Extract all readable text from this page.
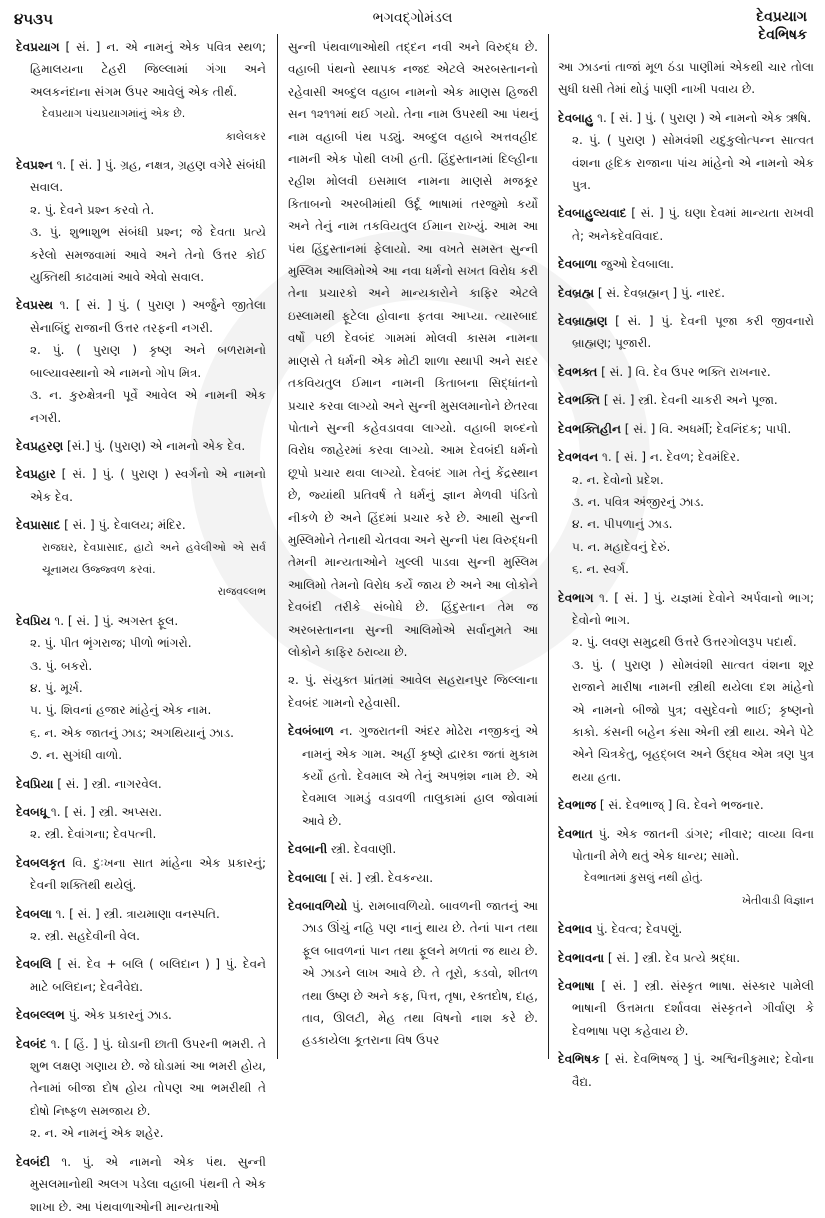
૪૫૩૫	ભગવદ્ગોમંડલ	દેવપ્રયાગ
દેવભિષક
દેવપ્રયાગ [ સં. ] ન. એ નામનું એક પવિત્ર સ્થળ; હિમાલયના ટેહરી જિલ્લામાં ગંગા અને અલકનંદાના સંગમ ઉપર આવેલું એક તીર્થ.
દેવપ્રયાગ પંચપ્રયાગમાંનું એક છે.
કાલેલકર
દેવપ્રશ્ન ૧. [ સં. ] પું. ગ્રહ, નક્ષત્ર, ગ્રહણ વગેરે સંબંધી સવાલ.
૨. પું. દેવને પ્રશ્ન કરવો તે.
૩. પું. શુભાશુભ સંબંધી પ્રશ્ન; જે દેવતા પ્રત્યે કરેલો સમજવામાં આવે અને તેનો ઉત્તર કોઈ યુક્તિથી કાઢવામાં આવે એવો સવાલ.
દેવપ્રસ્થ ૧. [ સં. ] પું. ( પુરાણ ) અર્જુને જીતેલા સેનાબિંદુ રાજાની ઉત્તર તરફની નગરી.
૨. પું. ( પુરાણ ) કૃષ્ણ અને બળરામનો બાલ્યાવસ્થાનો એ નામનો ગોપ મિત્ર.
૩. ન. કુરુક્ષેત્રની પૂર્વે આવેલ એ નામની એક નગરી.
દેવપ્રહરણ [સં.] પું. (પુરાણ) એ નામનો એક દેવ.
દેવપ્રહાર [ સં. ] પું. ( પુરાણ ) સ્વર્ગનો એ નામનો એક દેવ.
દેવપ્રાસાદ [ સં. ] પું. દેવાલય; મંદિર.
રાજઘર, દેવપ્રાસાદ, હાટો અને હવેલીઓ એ સર્વ ચૂનામય ઉજ્જ્વળ કરવાં.
રાજવલ્લભ
દેવપ્રિય ૧. [ સં. ] પું. અગસ્ત ફૂલ.
૨. પું. પીત ભૃંગરાજ; પીળો ભાંગરો.
૩. પું. બકરો.
૪. પું. મૂર્ખ.
૫. પું. શિવનાં હજાર માંહેનું એક નામ.
૬. ન. એક જાતનું ઝાડ; અગથિયાનું ઝાડ.
૭. ન. સુગંધી વાળો.
દેવપ્રિયા [ સં. ] સ્ત્રી. નાગરવેલ.
દેવબધૂ ૧. [ સં. ] સ્ત્રી. અપ્સરા.
૨. સ્ત્રી. દેવાંગના; દેવપત્ની.
દેવબલકૃત વિ. દુઃખના સાત માંહેના એક પ્રકારનું; દેવની શક્તિથી થયેલું.
દેવબલા ૧. [ સં. ] સ્ત્રી. ત્રાયમાણા વનસ્પતિ.
૨. સ્ત્રી. સહદેવીની વેલ.
દેવબલિ [ સં. દેવ + બલિ ( બલિદાન ) ] પું. દેવને માટે બલિદાન; દેવનૈવેદ્ય.
દેવબલ્લભ પું. એક પ્રકારનું ઝાડ.
દેવબંદ ૧. [ હિં. ] પું. ઘોડાની છાતી ઉપરની ભમરી. તે શુભ લક્ષણ ગણાય છે. જે ઘોડામાં આ ભમરી હોય, તેનામાં બીજા દોષ હોય તોપણ આ ભમરીથી તે દોષો નિષ્ફળ સમજાય છે.
૨. ન. એ નામનું એક શહેર.
દેવબંદી ૧. પું. એ નામનો એક પંથ. સુન્ની મુસલમાનોથી અલગ પડેલા વહાબી પંથની તે એક શાખા છે. આ પંથવાળાઓની માન્યતાઓ
સુન્ની પંથવાળાઓથી તદ્દન નવી અને વિરુદ્ધ છે. વહાબી પંથનો સ્થાપક નજદ એટલે અરબસ્તાનનો રહેવાસી અબ્દુલ વહાબ નામનો એક માણસ હિજરી સન ૧૨૧૧માં થઈ ગયો. તેના નામ ઉપરથી આ પંથનું નામ વહાબી પંથ પડ્યું. અબ્દુલ વહાબે અત્તવહીદ નામની એક પોથી લખી હતી. હિંદુસ્તાનમાં દિલ્હીના રહીશ મોલવી ઇસમાલ નામના માણસે મજકૂર કિતાબનો અરબીમાંથી ઉર્દૂ ભાષામાં તરજુમો કર્યો અને તેનું નામ તકવિયતુલ ઈમાન રાખ્યું. આમ આ પંથ હિંદુસ્તાનમાં ફેલાયો. આ વખતે સમસ્ત સુન્ની મુસ્લિમ આલિમોએ આ નવા ધર્મનો સખત વિરોધ કરી તેના પ્રચારકો અને માન્યકારોને કાફિર એટલે ઇસ્લામથી ફૂટેલા હોવાના ફતવા આપ્યા. ત્યારબાદ વર્ષો પછી દેવબંદ ગામમાં મોલવી કાસમ નામના માણસે તે ધર્મની એક મોટી શાળા સ્થાપી અને સદર તકવિયતુલ ઈમાન નામની કિતાબના સિદ્ધાંતનો પ્રચાર કરવા લાગ્યો અને સુન્ની મુસલમાનોને છેતરવા પોતાને સુન્ની કહેવડાવવા લાગ્યો. વહાબી શબ્દનો વિરોધ જાહેરમાં કરવા લાગ્યો. આમ દેવબંદી ધર્મનો છૂપો પ્રચાર થવા લાગ્યો. દેવબંદ ગામ તેનું કેંદ્રસ્થાન છે, જ્યાંથી પ્રતિવર્ષ તે ધર્મનું જ્ઞાન મેળવી પંડિતો નીકળે છે અને હિંદમાં પ્રચાર કરે છે. આથી સુન્ની મુસ્લિમોને તેનાથી ચેતવવા અને સુન્ની પંથ વિરુદ્ધની તેમની માન્યતાઓને ખુલ્લી પાડવા સુન્ની મુસ્લિમ આલિમો તેમનો વિરોધ કર્યે જાય છે અને આ લોકોને દેવબંદી તરીકે સંબોધે છે. હિંદુસ્તાન તેમ જ અરબસ્તાનના સુન્ની આલિમોએ સર્વાનુમતે આ લોકોને કાફિર ઠરાવ્યા છે.
૨. પું. સંયુક્ત પ્રાંતમાં આવેલ સહરાનપુર જિલ્લાના દેવબંદ ગામનો રહેવાસી.
દેવબંબાળ ન. ગુજરાતની અંદર મોઢેરા નજીકનું એ નામનું એક ગામ. અહીં કૃષ્ણે દ્વારકા જતાં મુકામ કર્યો હતો. દેવમાલ એ તેનું અપભ્રંશ નામ છે. એ દેવમાલ ગામડું વડાવળી તાલુકામાં હાલ જોવામાં આવે છે.
દેવબાની સ્ત્રી. દેવવાણી.
દેવબાલા [ સં. ] સ્ત્રી. દેવકન્યા.
દેવબાવળિયો પું. રામબાવળિયો. બાવળની જાતનું આ ઝાડ ઊંચું નહિ પણ નાનું થાય છે. તેનાં પાન તથા ફૂલ બાવળનાં પાન તથા ફૂલને મળતાં જ થાય છે. એ ઝાડને લાખ આવે છે. તે તૂરો, કડવો, શીતળ તથા ઉષ્ણ છે અને કફ, પિત્ત, તૃષા, રક્તદોષ, દાહ, તાવ, ઊલટી, મેહ તથા વિષનો નાશ કરે છે. હડકાયેલા કૂતરાના વિષ ઉપર
આ ઝાડનાં તાજાં મૂળ ઠંડા પાણીમાં એકથી ચાર તોલા સુધી ઘસી તેમાં થોડું પાણી નાખી પવાય છે.
દેવબાહુ ૧. [ સં. ] પું. ( પુરાણ ) એ નામનો એક ઋષિ.
૨. પું. ( પુરાણ ) સોમવંશી યદુકુલોત્પન્ન સાત્વત વંશના હૃદિક રાજાના પાંચ માંહેનો એ નામનો એક પુત્ર.
દેવબાહુલ્યવાદ [ સં. ] પું. ઘણા દેવમાં માન્યતા રાખવી તે; અનેકદેવવિવાદ.
દેવબાળા જુઓ દેવબાલા.
દેવબ્રહ્મ [ સં. દેવબ્રહ્મન્ ] પું. નારદ.
દેવબ્રાહ્મણ [ સં. ] પું. દેવની પૂજા કરી જીવનારો બ્રાહ્મણ; પૂજારી.
દેવભક્ત [ સં. ] વિ. દેવ ઉપર ભક્તિ રાખનાર.
દેવભક્તિ [ સં. ] સ્ત્રી. દેવની ચાકરી અને પૂજા.
દેવભક્તિહીન [ સં. ] વિ. અધર્મી; દેવનિંદક; પાપી.
દેવભવન ૧. [ સં. ] ન. દેવળ; દેવમંદિર.
૨. ન. દેવોનો પ્રદેશ.
૩. ન. પવિત્ર અંજીરનું ઝાડ.
૪. ન. પીપળાનું ઝાડ.
૫. ન. મહાદેવનું દેરું.
૬. ન. સ્વર્ગ.
દેવભાગ ૧. [ સં. ] પું. યજ્ઞમાં દેવોને અર્પવાનો ભાગ; દેવોનો ભાગ.
૨. પું. લવણ સમુદ્રથી ઉત્તરે ઉત્તરગોલરૂપ પદાર્થ.
૩. પું. ( પુરાણ ) સોમવંશી સાત્વત વંશના શૂર રાજાને મારીષા નામની સ્ત્રીથી થયેલા દશ માંહેનો એ નામનો બીજો પુત્ર; વસુદેવનો ભાઈ; કૃષ્ણનો કાકો. કંસની બહેન કંસા એની સ્ત્રી થાય. એને પેટે એને ચિત્રકેતુ, બૃહદ્બલ અને ઉદ્ધવ એમ ત્રણ પુત્ર થયા હતા.
દેવભાજ [ સં. દેવભાજ્ ] વિ. દેવને ભજનાર.
દેવભાત પું. એક જાતની ડાંગર; નીવાર; વાવ્યા વિના પોતાની મેળે થતું એક ધાન્ય; સામો.
દેવભાતમાં કુસલું નથી હોતું.
ખેતીવાડી વિજ્ઞાન
દેવભાવ પું. દેવત્વ; દેવપણું.
દેવભાવના [ સં. ] સ્ત્રી. દેવ પ્રત્યે શ્રદ્ધા.
દેવભાષા [ સં. ] સ્ત્રી. સંસ્કૃત ભાષા. સંસ્કાર પામેલી ભાષાની ઉત્તમતા દર્શાવવા સંસ્કૃતને ગીર્વાણ કે દેવભાષા પણ કહેવાય છે.
દેવભિષક [ સં. દેવભિષજ્ ] પું. અશ્વિનીકુમાર; દેવોના વૈદ્ય.
